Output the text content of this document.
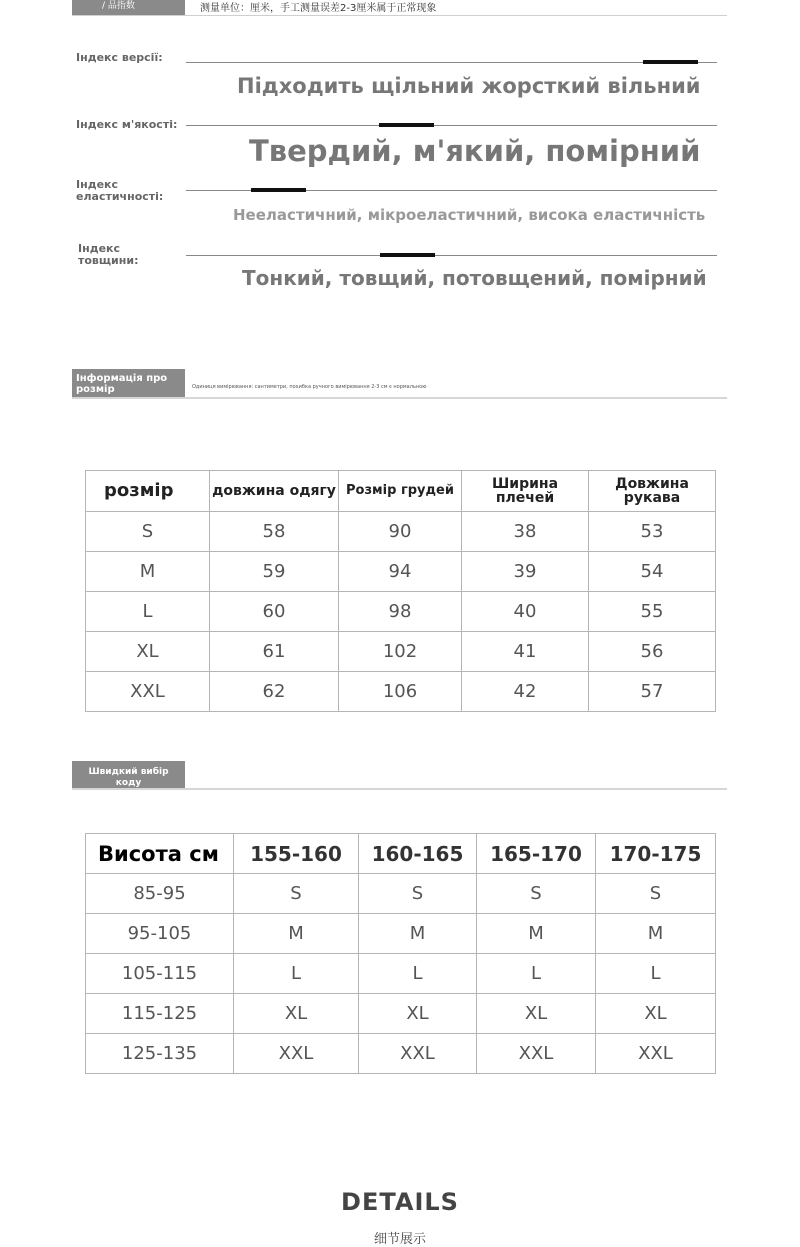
/ 品指数	测量单位：厘米，手工测量误差2-3厘米属于正常现象
Індекс версії:
Підходить щільний жорсткий вільний
Індекс м'якості:
Твердий, м'який, помірний
Індекс еластичності:
Нееластичний, мікроеластичний, висока еластичність
Індекс товщини:
Тонкий, товщий, потовщений, помірний
Інформація про розмір	Одиниця вимірювання: сантиметри, похибка ручного вимірювання 2-3 см є нормальною
розмір	довжина одягу	Розмір грудей	Ширина плечей	Довжина рукава
S	58	90	38	53
M	59	94	39	54
L	60	98	40	55
XL	61	102	41	56
XXL	62	106	42	57
Швидкий вибір коду
Висота см	155-160	160-165	165-170	170-175
85-95	S	S	S	S
95-105	M	M	M	M
105-115	L	L	L	L
115-125	XL	XL	XL	XL
125-135	XXL	XXL	XXL	XXL
DETAILS
细节展示
